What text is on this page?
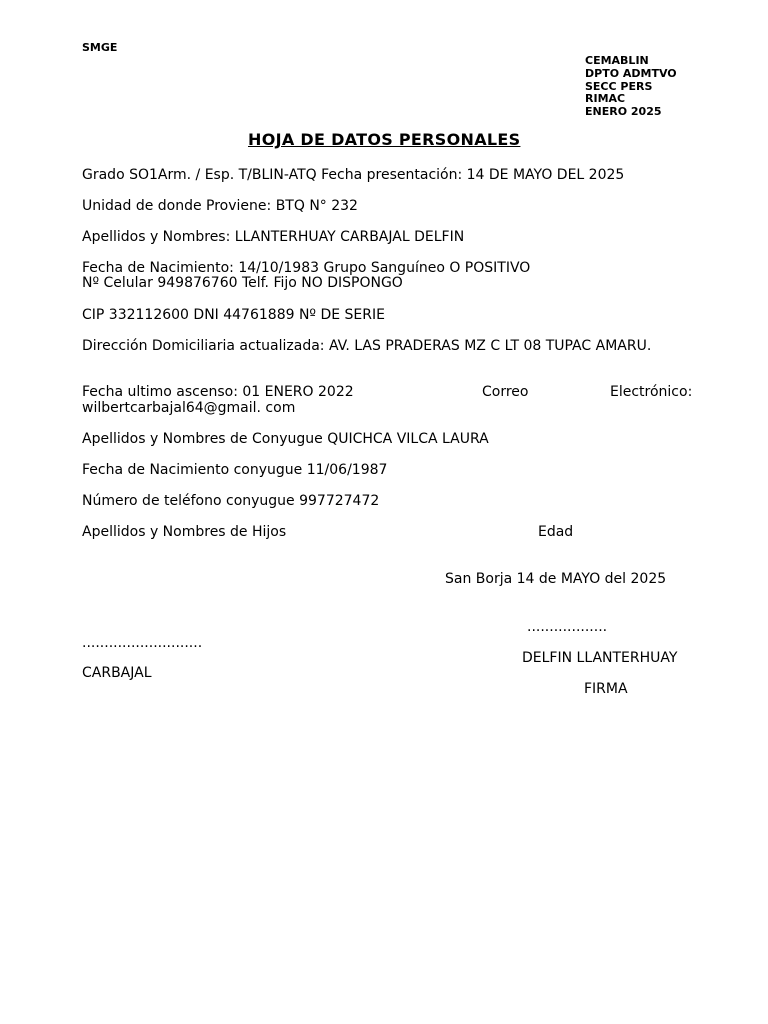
SMGE
CEMABLIN
DPTO ADMTVO
SECC PERS
RIMAC
ENERO 2025
HOJA DE DATOS PERSONALES
Grado SO1Arm. / Esp. T/BLIN-ATQ Fecha presentación: 14 DE MAYO DEL 2025
Unidad de donde Proviene: BTQ N° 232
Apellidos y Nombres: LLANTERHUAY CARBAJAL DELFIN
Fecha de Nacimiento: 14/10/1983 Grupo Sanguíneo O POSITIVO
Nº Celular 949876760 Telf. Fijo NO DISPONGO
CIP 332112600 DNI 44761889 Nº DE SERIE
Dirección Domiciliaria actualizada: AV. LAS PRADERAS MZ C LT 08 TUPAC AMARU.
Fecha ultimo ascenso: 01 ENERO 2022	Correo	Electrónico:
wilbertcarbajal64@gmail. com
Apellidos y Nombres de Conyugue QUICHCA VILCA LAURA
Fecha de Nacimiento conyugue 11/06/1987
Número de teléfono conyugue 997727472
Apellidos y Nombres de Hijos	Edad
San Borja 14 de MAYO del 2025
..................
...........................
DELFIN LLANTERHUAY
CARBAJAL
FIRMA
